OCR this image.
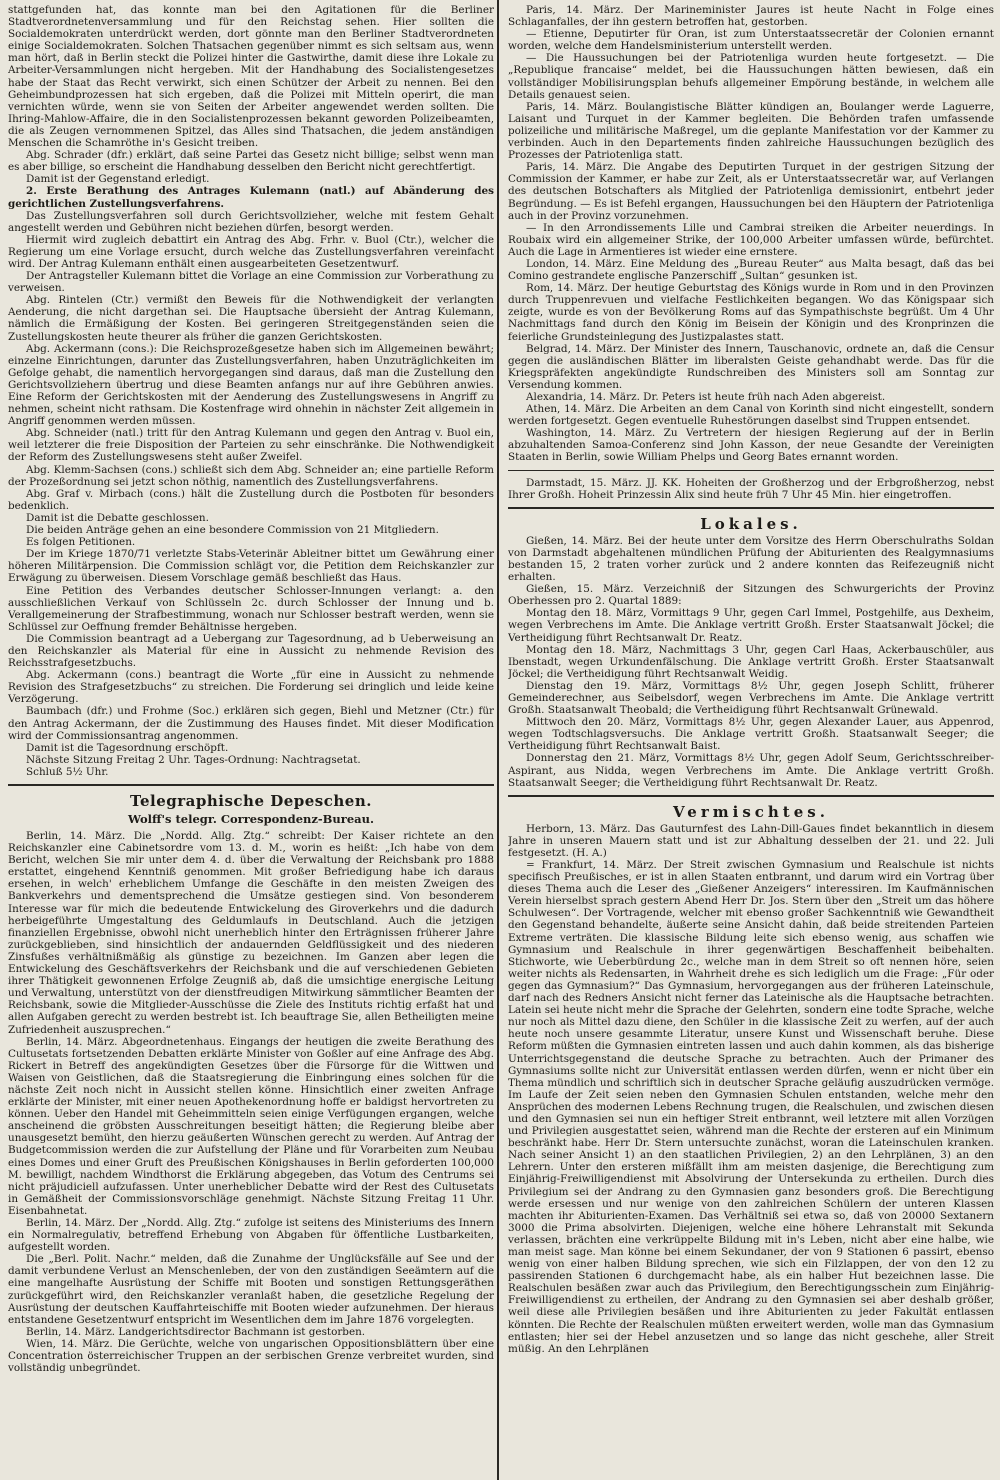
stattgefunden hat, das konnte man bei den Agitationen für die Berliner Stadtverordnetenversammlung und für den Reichstag sehen. Hier sollten die Socialdemokraten unterdrückt werden, dort gönnte man den Berliner Stadtverordneten einige Socialdemokraten. Solchen Thatsachen gegenüber nimmt es sich seltsam aus, wenn man hört, daß in Berlin steckt die Polizei hinter die Gastwirthe, damit diese ihre Lokale zu Arbeiter-Versammlungen nicht hergeben. Mit der Handhabung des Socialistengesetzes habe der Staat das Recht verwirkt, sich einen Schützer der Arbeit zu nennen. Bei den Geheimbundprozessen hat sich ergeben, daß die Polizei mit Mitteln operirt, die man vernichten würde, wenn sie von Seiten der Arbeiter angewendet werden sollten. Die Ihring-Mahlow-Affaire, die in den Socialistenprozessen bekannt geworden Polizeibeamten, die als Zeugen vernommenen Spitzel, das Alles sind Thatsachen, die jedem anständigen Menschen die Schamröthe in's Gesicht treiben.

Abg. Schrader (dfr.) erklärt, daß seine Partei das Gesetz nicht billige; selbst wenn man es aber billige, so erscheint die Handhabung desselben den Bericht nicht gerechtfertigt.

Damit ist der Gegenstand erledigt.

2. Erste Berathung des Antrages Kulemann (natl.) auf Abänderung des gerichtlichen Zustellungsverfahrens.

Das Zustellungsverfahren soll durch Gerichtsvollzieher, welche mit festem Gehalt angestellt werden und Gebühren nicht beziehen dürfen, besorgt werden.

Hiermit wird zugleich debattirt ein Antrag des Abg. Frhr. v. Buol (Ctr.), welcher die Regierung um eine Vorlage ersucht, durch welche das Zustellungsverfahren vereinfacht wird. Der Antrag Kulemann enthält einen ausgearbeiteten Gesetzentwurf.

Der Antragsteller Kulemann bittet die Vorlage an eine Commission zur Vorberathung zu verweisen.

Abg. Rintelen (Ctr.) vermißt den Beweis für die Nothwendigkeit der verlangten Aenderung, die nicht dargethan sei. Die Hauptsache übersieht der Antrag Kulemann, nämlich die Ermäßigung der Kosten. Bei geringeren Streitgegenständen seien die Zustellungskosten heute theurer als früher die ganzen Gerichtskosten.

Abg. Ackermann (cons.): Die Reichsprozeßgesetze haben sich im Allgemeinen bewährt; einzelne Einrichtungen, darunter das Zustellungsverfahren, haben Unzuträglichkeiten im Gefolge gehabt, die namentlich hervorgegangen sind daraus, daß man die Zustellung den Gerichtsvollziehern übertrug und diese Beamten anfangs nur auf ihre Gebühren anwies. Eine Reform der Gerichtskosten mit der Aenderung des Zustellungswesens in Angriff zu nehmen, scheint nicht rathsam. Die Kostenfrage wird ohnehin in nächster Zeit allgemein in Angriff genommen werden müssen.

Abg. Schneider (natl.) tritt für den Antrag Kulemann und gegen den Antrag v. Buol ein, weil letzterer die freie Disposition der Parteien zu sehr einschränke. Die Nothwendigkeit der Reform des Zustellungswesens steht außer Zweifel.

Abg. Klemm-Sachsen (cons.) schließt sich dem Abg. Schneider an; eine partielle Reform der Prozeßordnung sei jetzt schon nöthig, namentlich des Zustellungsverfahrens.

Abg. Graf v. Mirbach (cons.) hält die Zustellung durch die Postboten für besonders bedenklich.

Damit ist die Debatte geschlossen.

Die beiden Anträge gehen an eine besondere Commission von 21 Mitgliedern.

Es folgen Petitionen.

Der im Kriege 1870/71 verletzte Stabs-Veterinär Ableitner bittet um Gewährung einer höheren Militärpension. Die Commission schlägt vor, die Petition dem Reichskanzler zur Erwägung zu überweisen. Diesem Vorschlage gemäß beschließt das Haus.

Eine Petition des Verbandes deutscher Schlosser-Innungen verlangt: a. den ausschließlichen Verkauf von Schlüsseln 2c. durch Schlosser der Innung und b. Verallgemeinerung der Strafbestimmung, wonach nur Schlosser bestraft werden, wenn sie Schlüssel zur Oeffnung fremder Behältnisse hergeben.

Die Commission beantragt ad a Uebergang zur Tagesordnung, ad b Ueberweisung an den Reichskanzler als Material für eine in Aussicht zu nehmende Revision des Reichsstrafgesetzbuchs.

Abg. Ackermann (cons.) beantragt die Worte „für eine in Aussicht zu nehmende Revision des Strafgesetzbuchs“ zu streichen. Die Forderung sei dringlich und leide keine Verzögerung.

Baumbach (dfr.) und Frohme (Soc.) erklären sich gegen, Biehl und Metzner (Ctr.) für den Antrag Ackermann, der die Zustimmung des Hauses findet. Mit dieser Modification wird der Commissionsantrag angenommen.

Damit ist die Tagesordnung erschöpft.

Nächste Sitzung Freitag 2 Uhr. Tages-Ordnung: Nachtragsetat.

Schluß 5½ Uhr.

Telegraphische Depeschen.
Wolff's telegr. Correspondenz-Bureau.

Berlin, 14. März. Die „Nordd. Allg. Ztg.“ schreibt: Der Kaiser richtete an den Reichskanzler eine Cabinetsordre vom 13. d. M., worin es heißt: „Ich habe von dem Bericht, welchen Sie mir unter dem 4. d. über die Verwaltung der Reichsbank pro 1888 erstattet, eingehend Kenntniß genommen. Mit großer Befriedigung habe ich daraus ersehen, in welch' erheblichem Umfange die Geschäfte in den meisten Zweigen des Bankverkehrs und dementsprechend die Umsätze gestiegen sind. Von besonderem Interesse war für mich die bedeutende Entwickelung des Giroverkehrs und die dadurch herbeigeführte Umgestaltung des Geldumlaufs in Deutschland. Auch die jetzigen finanziellen Ergebnisse, obwohl nicht unerheblich hinter den Erträgnissen früherer Jahre zurückgeblieben, sind hinsichtlich der andauernden Geldflüssigkeit und des niederen Zinsfußes verhältnißmäßig als günstige zu bezeichnen. Im Ganzen aber legen die Entwickelung des Geschäftsverkehrs der Reichsbank und die auf verschiedenen Gebieten ihrer Thätigkeit gewonnenen Erfolge Zeugniß ab, daß die umsichtige energische Leitung und Verwaltung, unterstützt von der dienstfreudigen Mitwirkung sämmtlicher Beamten der Reichsbank, sowie die Mitglieder-Ausschüsse die Ziele des Instituts richtig erfaßt hat und allen Aufgaben gerecht zu werden bestrebt ist. Ich beauftrage Sie, allen Betheiligten meine Zufriedenheit auszusprechen.“

Berlin, 14. März. Abgeordnetenhaus. Eingangs der heutigen die zweite Berathung des Cultusetats fortsetzenden Debatten erklärte Minister von Goßler auf eine Anfrage des Abg. Rickert in Betreff des angekündigten Gesetzes über die Fürsorge für die Wittwen und Waisen von Geistlichen, daß die Staatsregierung die Einbringung eines solchen für die nächste Zeit noch nicht in Aussicht stellen könne. Hinsichtlich einer zweiten Anfrage erklärte der Minister, mit einer neuen Apothekenordnung hoffe er baldigst hervortreten zu können. Ueber den Handel mit Geheimmitteln seien einige Verfügungen ergangen, welche anscheinend die gröbsten Ausschreitungen beseitigt hätten; die Regierung bleibe aber unausgesetzt bemüht, den hierzu geäußerten Wünschen gerecht zu werden. Auf Antrag der Budgetcommission werden die zur Aufstellung der Pläne und für Vorarbeiten zum Neubau eines Domes und einer Gruft des Preußischen Königshauses in Berlin geforderten 100,000 M. bewilligt, nachdem Windthorst die Erklärung abgegeben, das Votum des Centrums sei nicht präjudiciell aufzufassen. Unter unerheblicher Debatte wird der Rest des Cultusetats in Gemäßheit der Commissionsvorschläge genehmigt. Nächste Sitzung Freitag 11 Uhr. Eisenbahnetat.

Berlin, 14. März. Der „Nordd. Allg. Ztg.“ zufolge ist seitens des Ministeriums des Innern ein Normalregulativ, betreffend Erhebung von Abgaben für öffentliche Lustbarkeiten, aufgestellt worden.

Die „Berl. Polit. Nachr.“ melden, daß die Zunahme der Unglücksfälle auf See und der damit verbundene Verlust an Menschenleben, der von den zuständigen Seeämtern auf die eine mangelhafte Ausrüstung der Schiffe mit Booten und sonstigen Rettungsgeräthen zurückgeführt wird, den Reichskanzler veranlaßt haben, die gesetzliche Regelung der Ausrüstung der deutschen Kauffahrteischiffe mit Booten wieder aufzunehmen. Der hieraus entstandene Gesetzentwurf entspricht im Wesentlichen dem im Jahre 1876 vorgelegten.

Berlin, 14. März. Landgerichtsdirector Bachmann ist gestorben.

Wien, 14. März. Die Gerüchte, welche von ungarischen Oppositionsblättern über eine Concentration österreichischer Truppen an der serbischen Grenze verbreitet wurden, sind vollständig unbegründet.

Paris, 14. März. Der Marineminister Jaures ist heute Nacht in Folge eines Schlaganfalles, der ihn gestern betroffen hat, gestorben.

— Etienne, Deputirter für Oran, ist zum Unterstaatssecretär der Colonien ernannt worden, welche dem Handelsministerium unterstellt werden.

— Die Haussuchungen bei der Patriotenliga wurden heute fortgesetzt. — Die „Republique francaise“ meldet, bei die Haussuchungen hätten bewiesen, daß ein vollständiger Mobilisirungsplan behufs allgemeiner Empörung bestände, in welchem alle Details genauest seien.

Paris, 14. März. Boulangistische Blätter kündigen an, Boulanger werde Laguerre, Laisant und Turquet in der Kammer begleiten. Die Behörden trafen umfassende polizeiliche und militärische Maßregel, um die geplante Manifestation vor der Kammer zu verbinden. Auch in den Departements finden zahlreiche Haussuchungen bezüglich des Prozesses der Patriotenliga statt.

Paris, 14. März. Die Angabe des Deputirten Turquet in der gestrigen Sitzung der Commission der Kammer, er habe zur Zeit, als er Unterstaatssecretär war, auf Verlangen des deutschen Botschafters als Mitglied der Patriotenliga demissionirt, entbehrt jeder Begründung. — Es ist Befehl ergangen, Haussuchungen bei den Häuptern der Patriotenliga auch in der Provinz vorzunehmen.

— In den Arrondissements Lille und Cambrai streiken die Arbeiter neuerdings. In Roubaix wird ein allgemeiner Strike, der 100,000 Arbeiter umfassen würde, befürchtet. Auch die Lage in Armentieres ist wieder eine ernstere.

London, 14. März. Eine Meldung des „Bureau Reuter“ aus Malta besagt, daß das bei Comino gestrandete englische Panzerschiff „Sultan“ gesunken ist.

Rom, 14. März. Der heutige Geburtstag des Königs wurde in Rom und in den Provinzen durch Truppenrevuen und vielfache Festlichkeiten begangen. Wo das Königspaar sich zeigte, wurde es von der Bevölkerung Roms auf das Sympathischste begrüßt. Um 4 Uhr Nachmittags fand durch den König im Beisein der Königin und des Kronprinzen die feierliche Grundsteinlegung des Justizpalastes statt.

Belgrad, 14. März. Der Minister des Innern, Tauschanovic, ordnete an, daß die Censur gegen die ausländischen Blätter im liberalsten Geiste gehandhabt werde. Das für die Kriegspräfekten angekündigte Rundschreiben des Ministers soll am Sonntag zur Versendung kommen.

Alexandria, 14. März. Dr. Peters ist heute früh nach Aden abgereist.

Athen, 14. März. Die Arbeiten an dem Canal von Korinth sind nicht eingestellt, sondern werden fortgesetzt. Gegen eventuelle Ruhestörungen daselbst sind Truppen entsendet.

Washington, 14. März. Zu Vertretern der hiesigen Regierung auf der in Berlin abzuhaltenden Samoa-Conferenz sind John Kasson, der neue Gesandte der Vereinigten Staaten in Berlin, sowie William Phelps und Georg Bates ernannt worden.

Darmstadt, 15. März. JJ. KK. Hoheiten der Großherzog und der Erbgroßherzog, nebst Ihrer Großh. Hoheit Prinzessin Alix sind heute früh 7 Uhr 45 Min. hier eingetroffen.

Lokales.

Gießen, 14. März. Bei der heute unter dem Vorsitze des Herrn Oberschulraths Soldan von Darmstadt abgehaltenen mündlichen Prüfung der Abiturienten des Realgymnasiums bestanden 15, 2 traten vorher zurück und 2 andere konnten das Reifezeugniß nicht erhalten.

Gießen, 15. März. Verzeichniß der Sitzungen des Schwurgerichts der Provinz Oberhessen pro 2. Quartal 1889:

Montag den 18. März, Vormittags 9 Uhr, gegen Carl Immel, Postgehilfe, aus Dexheim, wegen Verbrechens im Amte. Die Anklage vertritt Großh. Erster Staatsanwalt Jöckel; die Vertheidigung führt Rechtsanwalt Dr. Reatz.

Montag den 18. März, Nachmittags 3 Uhr, gegen Carl Haas, Ackerbauschüler, aus Ibenstadt, wegen Urkundenfälschung. Die Anklage vertritt Großh. Erster Staatsanwalt Jöckel; die Vertheidigung führt Rechtsanwalt Weidig.

Dienstag den 19. März, Vormittags 8½ Uhr, gegen Joseph Schlitt, früherer Gemeinderechner, aus Seibelsdorf, wegen Verbrechens im Amte. Die Anklage vertritt Großh. Staatsanwalt Theobald; die Vertheidigung führt Rechtsanwalt Grünewald.

Mittwoch den 20. März, Vormittags 8½ Uhr, gegen Alexander Lauer, aus Appenrod, wegen Todtschlagsversuchs. Die Anklage vertritt Großh. Staatsanwalt Seeger; die Vertheidigung führt Rechtsanwalt Baist.

Donnerstag den 21. März, Vormittags 8½ Uhr, gegen Adolf Seum, Gerichtsschreiber-Aspirant, aus Nidda, wegen Verbrechens im Amte. Die Anklage vertritt Großh. Staatsanwalt Seeger; die Vertheidigung führt Rechtsanwalt Dr. Reatz.

Vermischtes.

Herborn, 13. März. Das Gauturnfest des Lahn-Dill-Gaues findet bekanntlich in diesem Jahre in unseren Mauern statt und ist zur Abhaltung desselben der 21. und 22. Juli festgesetzt. (H. A.)

= Frankfurt, 14. März. Der Streit zwischen Gymnasium und Realschule ist nichts specifisch Preußisches, er ist in allen Staaten entbrannt, und darum wird ein Vortrag über dieses Thema auch die Leser des „Gießener Anzeigers“ interessiren. Im Kaufmännischen Verein hierselbst sprach gestern Abend Herr Dr. Jos. Stern über den „Streit um das höhere Schulwesen“. Der Vortragende, welcher mit ebenso großer Sachkenntniß wie Gewandtheit den Gegenstand behandelte, äußerte seine Ansicht dahin, daß beide streitenden Parteien Extreme verträten. Die klassische Bildung leite sich ebenso wenig, aus schaffen wie Gymnasium und Realschule in ihrer gegenwärtigen Beschaffenheit beibehalten. Stichworte, wie Ueberbürdung 2c., welche man in dem Streit so oft nennen höre, seien weiter nichts als Redensarten, in Wahrheit drehe es sich lediglich um die Frage: „Für oder gegen das Gymnasium?“ Das Gymnasium, hervorgegangen aus der früheren Lateinschule, darf nach des Redners Ansicht nicht ferner das Lateinische als die Hauptsache betrachten. Latein sei heute nicht mehr die Sprache der Gelehrten, sondern eine todte Sprache, welche nur noch als Mittel dazu diene, den Schüler in die klassische Zeit zu werfen, auf der auch heute noch unsere gesammte Literatur, unsere Kunst und Wissenschaft beruhe. Diese Reform müßten die Gymnasien eintreten lassen und auch dahin kommen, als das bisherige Unterrichtsgegenstand die deutsche Sprache zu betrachten. Auch der Primaner des Gymnasiums sollte nicht zur Universität entlassen werden dürfen, wenn er nicht über ein Thema mündlich und schriftlich sich in deutscher Sprache geläufig auszudrücken vermöge. Im Laufe der Zeit seien neben den Gymnasien Schulen entstanden, welche mehr den Ansprüchen des modernen Lebens Rechnung trugen, die Realschulen, und zwischen diesen und den Gymnasien sei nun ein heftiger Streit entbrannt, weil letztere mit allen Vorzügen und Privilegien ausgestattet seien, während man die Rechte der ersteren auf ein Minimum beschränkt habe. Herr Dr. Stern untersuchte zunächst, woran die Lateinschulen kranken. Nach seiner Ansicht 1) an den staatlichen Privilegien, 2) an den Lehrplänen, 3) an den Lehrern. Unter den ersteren mißfällt ihm am meisten dasjenige, die Berechtigung zum Einjährig-Freiwilligendienst mit Absolvirung der Untersekunda zu ertheilen. Durch dies Privilegium sei der Andrang zu den Gymnasien ganz besonders groß. Die Berechtigung werde ersessen und nur wenige von den zahlreichen Schülern der unteren Klassen machten ihr Abiturienten-Examen. Das Verhältniß sei etwa so, daß von 20000 Sextanern 3000 die Prima absolvirten. Diejenigen, welche eine höhere Lehranstalt mit Sekunda verlassen, brächten eine verkrüppelte Bildung mit in's Leben, nicht aber eine halbe, wie man meist sage. Man könne bei einem Sekundaner, der von 9 Stationen 6 passirt, ebenso wenig von einer halben Bildung sprechen, wie sich ein Filzlappen, der von den 12 zu passirenden Stationen 6 durchgemacht habe, als ein halber Hut bezeichnen lasse. Die Realschulen besäßen zwar auch das Privilegium, den Berechtigungsschein zum Einjährig-Freiwilligendienst zu ertheilen, der Andrang zu den Gymnasien sei aber deshalb größer, weil diese alle Privilegien besäßen und ihre Abiturienten zu jeder Fakultät entlassen könnten. Die Rechte der Realschulen müßten erweitert werden, wolle man das Gymnasium entlasten; hier sei der Hebel anzusetzen und so lange das nicht geschehe, aller Streit müßig. An den Lehrplänen
